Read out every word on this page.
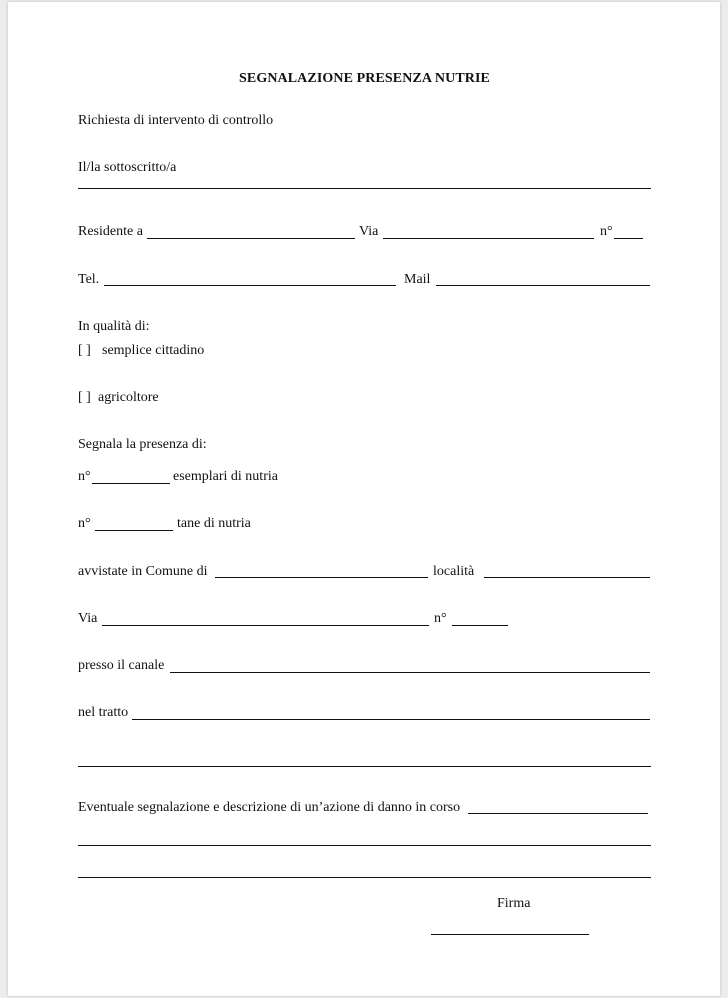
SEGNALAZIONE PRESENZA NUTRIE
Richiesta di intervento di controllo
Il/la sottoscritto/a
Residente a	Via	n°
Tel.	Mail
In qualità di:
[ ] semplice cittadino
[ ] agricoltore
Segnala la presenza di:
n°	esemplari di nutria
n°	tane di nutria
avvistate in Comune di	località
Via	n°
presso il canale
nel tratto
Eventuale segnalazione e descrizione di un’azione di danno in corso
Firma
